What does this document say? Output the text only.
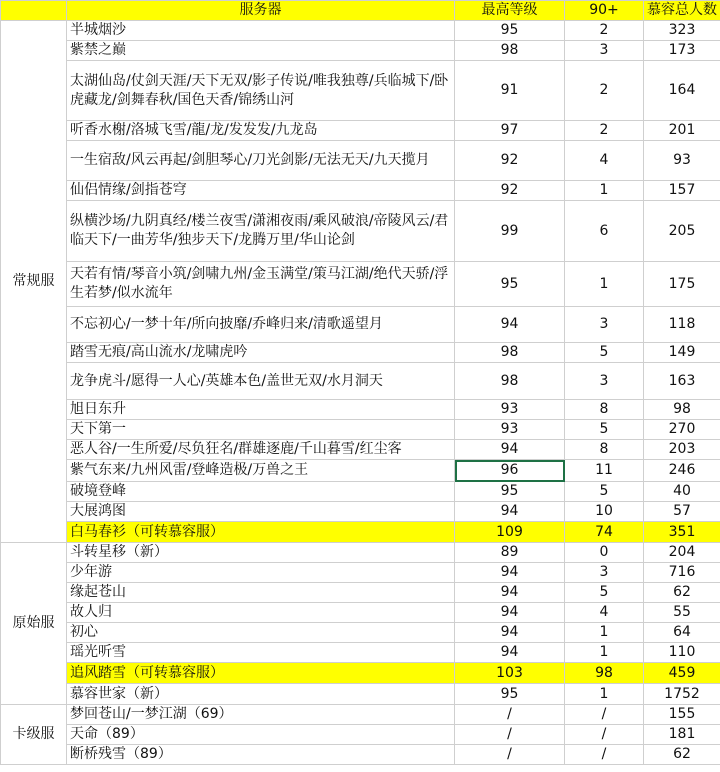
	服务器	最高等级	90+	慕容总人数
常规服	半城烟沙	95	2	323
	紫禁之巅	98	3	173
	太湖仙岛/仗剑天涯/天下无双/影子传说/唯我独尊/兵临城下/卧虎藏龙/剑舞春秋/国色天香/锦绣山河	91	2	164
	听香水榭/洛城飞雪/龍/龙/发发发/九龙岛	97	2	201
	一生宿敌/风云再起/剑胆琴心/刀光剑影/无法无天/九天揽月	92	4	93
	仙侣情缘/剑指苍穹	92	1	157
	纵横沙场/九阴真经/楼兰夜雪/潇湘夜雨/乘风破浪/帝陵风云/君临天下/一曲芳华/独步天下/龙腾万里/华山论剑	99	6	205
	天若有情/琴音小筑/剑啸九州/金玉满堂/策马江湖/绝代天骄/浮生若梦/似水流年	95	1	175
	不忘初心/一梦十年/所向披靡/乔峰归来/清歌遥望月	94	3	118
	踏雪无痕/高山流水/龙啸虎吟	98	5	149
	龙争虎斗/愿得一人心/英雄本色/盖世无双/水月洞天	98	3	163
	旭日东升	93	8	98
	天下第一	93	5	270
	恶人谷/一生所爱/尽负狂名/群雄逐鹿/千山暮雪/红尘客	94	8	203
	紫气东来/九州风雷/登峰造极/万兽之王	96	11	246
	破境登峰	95	5	40
	大展鸿图	94	10	57
	白马春衫（可转慕容服）	109	74	351
原始服	斗转星移（新）	89	0	204
	少年游	94	3	716
	缘起苍山	94	5	62
	故人归	94	4	55
	初心	94	1	64
	瑶光听雪	94	1	110
	追风踏雪（可转慕容服）	103	98	459
	慕容世家（新）	95	1	1752
卡级服	梦回苍山/一梦江湖（69）	/	/	155
	天命（89）	/	/	181
	断桥残雪（89）	/	/	62
